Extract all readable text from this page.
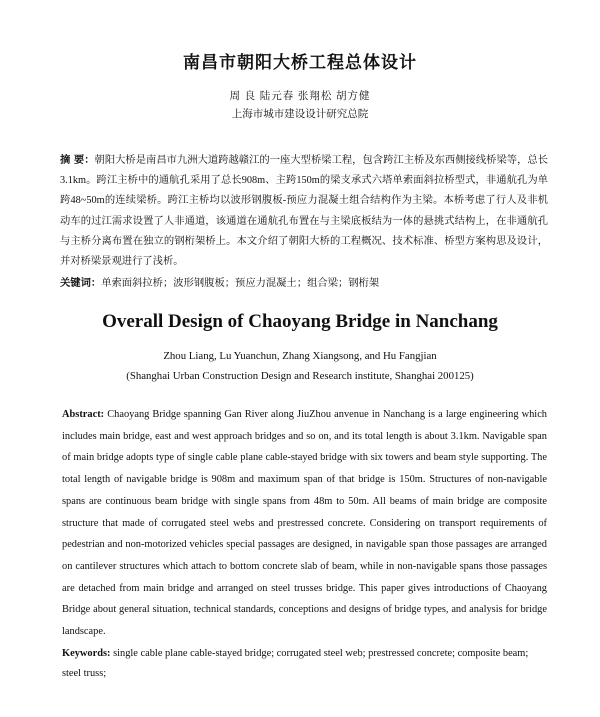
南昌市朝阳大桥工程总体设计
周 良 陆元春 张翔松 胡方健
上海市城市建设设计研究总院
摘 要：朝阳大桥是南昌市九洲大道跨越赣江的一座大型桥梁工程，包含跨江主桥及东西侧接线桥梁等，总长3.1km。跨江主桥中的通航孔采用了总长908m、主跨150m的梁支承式六塔单索面斜拉桥型式，非通航孔为单跨48~50m的连续梁桥。跨江主桥均以波形钢腹板-预应力混凝土组合结构作为主梁。本桥考虑了行人及非机动车的过江需求设置了人非通道，该通道在通航孔布置在与主梁底板结为一体的悬挑式结构上，在非通航孔与主桥分离布置在独立的钢桁架桥上。本文介绍了朝阳大桥的工程概况、技术标准、桥型方案构思及设计，并对桥梁景观进行了浅析。
关键词：单索面斜拉桥；波形钢腹板；预应力混凝土；组合梁；钢桁架
Overall Design of Chaoyang Bridge in Nanchang
Zhou Liang, Lu Yuanchun, Zhang Xiangsong, and Hu Fangjian
(Shanghai Urban Construction Design and Research institute, Shanghai 200125)
Abstract: Chaoyang Bridge spanning Gan River along JiuZhou anvenue in Nanchang is a large engineering which includes main bridge, east and west approach bridges and so on, and its total length is about 3.1km. Navigable span of main bridge adopts type of single cable plane cable-stayed bridge with six towers and beam style supporting. The total length of navigable bridge is 908m and maximum span of that bridge is 150m. Structures of non-navigable spans are continuous beam bridge with single spans from 48m to 50m. All beams of main bridge are composite structure that made of corrugated steel webs and prestressed concrete. Considering on transport requirements of pedestrian and non-motorized vehicles special passages are designed, in navigable span those passages are arranged on cantilever structures which attach to bottom concrete slab of beam, while in non-navigable spans those passages are detached from main bridge and arranged on steel trusses bridge. This paper gives introductions of Chaoyang Bridge about general situation, technical standards, conceptions and designs of bridge types, and analysis for bridge landscape.
Keywords: single cable plane cable-stayed bridge; corrugated steel web; prestressed concrete; composite beam; steel truss;
